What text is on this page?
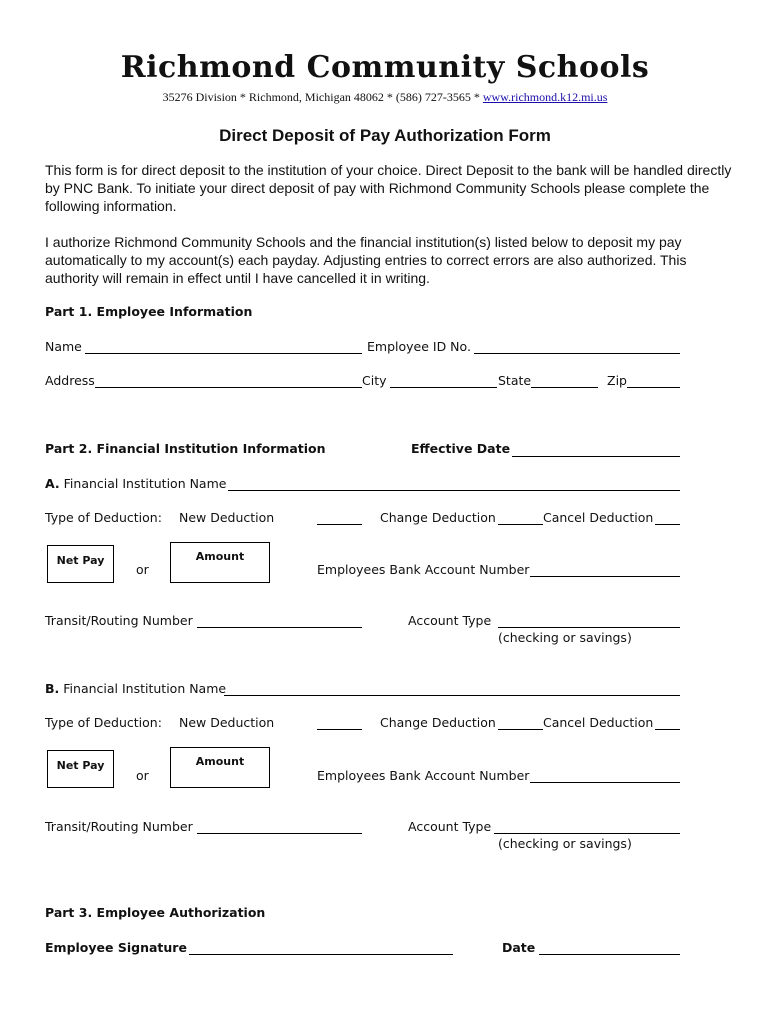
Richmond Community Schools
35276 Division * Richmond, Michigan 48062 * (586) 727-3565 * www.richmond.k12.mi.us
Direct Deposit of Pay Authorization Form
This form is for direct deposit to the institution of your choice. Direct Deposit to the bank will be handled directly by PNC Bank. To initiate your direct deposit of pay with Richmond Community Schools please complete the following information.
I authorize Richmond Community Schools and the financial institution(s) listed below to deposit my pay automatically to my account(s) each payday. Adjusting entries to correct errors are also authorized. This authority will remain in effect until I have cancelled it in writing.
Part 1. Employee Information
Name	Employee ID No.
Address	City	State	Zip
Part 2. Financial Institution Information	Effective Date
A. Financial Institution Name
Type of Deduction: New Deduction	Change Deduction	Cancel Deduction
Net Pay
or
Amount
Employees Bank Account Number
Transit/Routing Number	Account Type
(checking or savings)
B. Financial Institution Name
Type of Deduction: New Deduction	Change Deduction	Cancel Deduction
Net Pay
or
Amount
Employees Bank Account Number
Transit/Routing Number	Account Type
(checking or savings)
Part 3. Employee Authorization
Employee Signature	Date
